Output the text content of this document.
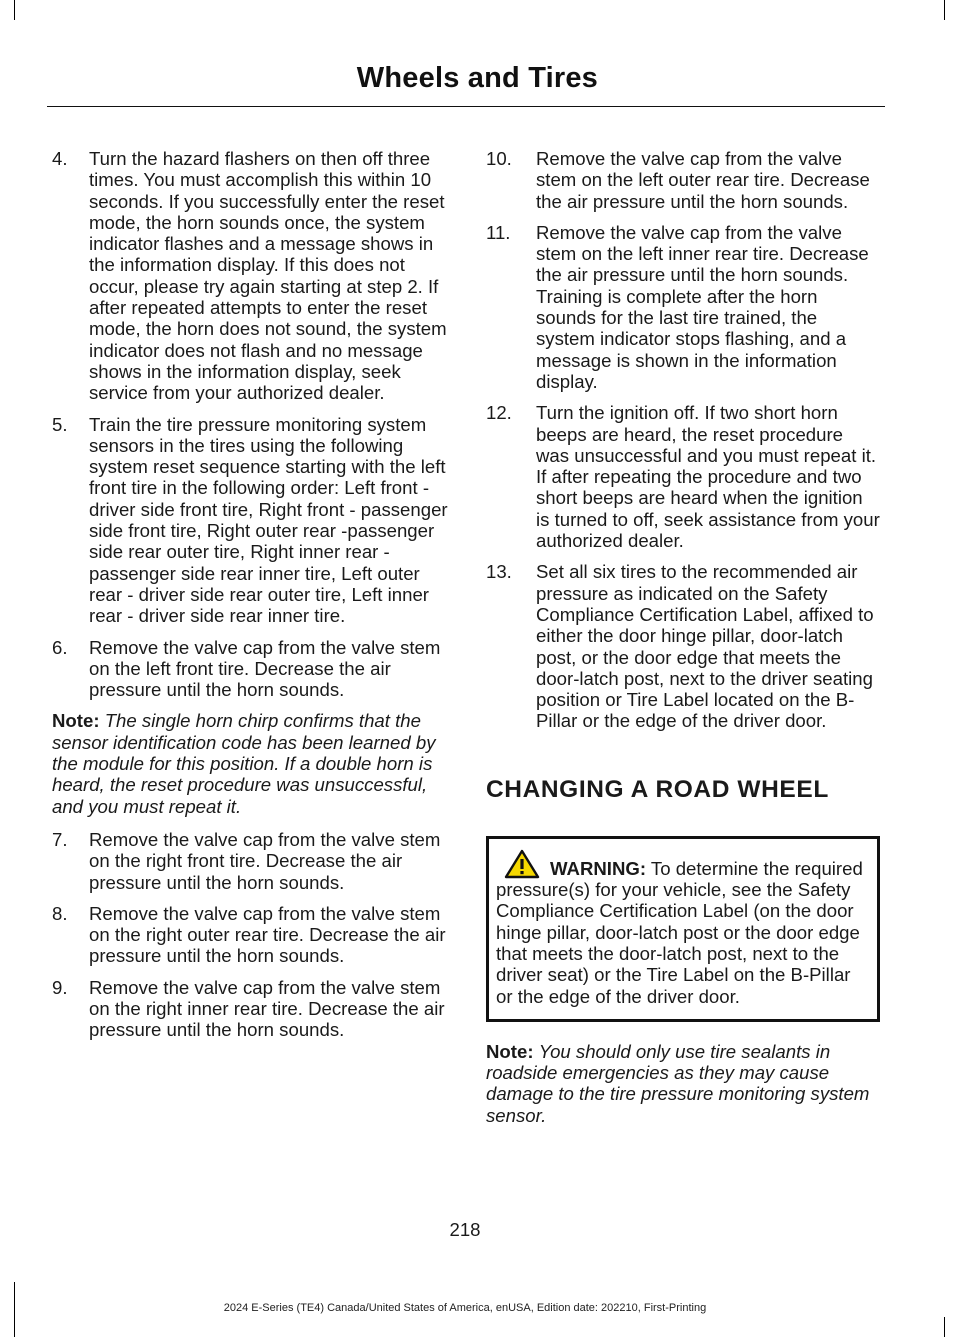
Wheels and Tires
4. Turn the hazard flashers on then off three times. You must accomplish this within 10 seconds. If you successfully enter the reset mode, the horn sounds once, the system indicator flashes and a message shows in the information display. If this does not occur, please try again starting at step 2. If after repeated attempts to enter the reset mode, the horn does not sound, the system indicator does not flash and no message shows in the information display, seek service from your authorized dealer.
5. Train the tire pressure monitoring system sensors in the tires using the following system reset sequence starting with the left front tire in the following order: Left front - driver side front tire, Right front - passenger side front tire, Right outer rear -passenger side rear outer tire, Right inner rear - passenger side rear inner tire, Left outer rear - driver side rear outer tire, Left inner rear - driver side rear inner tire.
6. Remove the valve cap from the valve stem on the left front tire. Decrease the air pressure until the horn sounds.

Note: The single horn chirp confirms that the sensor identification code has been learned by the module for this position. If a double horn is heard, the reset procedure was unsuccessful, and you must repeat it.

7. Remove the valve cap from the valve stem on the right front tire. Decrease the air pressure until the horn sounds.
8. Remove the valve cap from the valve stem on the right outer rear tire. Decrease the air pressure until the horn sounds.
9. Remove the valve cap from the valve stem on the right inner rear tire. Decrease the air pressure until the horn sounds.
10. Remove the valve cap from the valve stem on the left outer rear tire. Decrease the air pressure until the horn sounds.
11. Remove the valve cap from the valve stem on the left inner rear tire. Decrease the air pressure until the horn sounds. Training is complete after the horn sounds for the last tire trained, the system indicator stops flashing, and a message is shown in the information display.
12. Turn the ignition off. If two short horn beeps are heard, the reset procedure was unsuccessful and you must repeat it. If after repeating the procedure and two short beeps are heard when the ignition is turned to off, seek assistance from your authorized dealer.
13. Set all six tires to the recommended air pressure as indicated on the Safety Compliance Certification Label, affixed to either the door hinge pillar, door-latch post, or the door edge that meets the door-latch post, next to the driver seating position or Tire Label located on the B-Pillar or the edge of the driver door.
CHANGING A ROAD WHEEL
WARNING: To determine the required pressure(s) for your vehicle, see the Safety Compliance Certification Label (on the door hinge pillar, door-latch post or the door edge that meets the door-latch post, next to the driver seat) or the Tire Label on the B-Pillar or the edge of the driver door.

Note: You should only use tire sealants in roadside emergencies as they may cause damage to the tire pressure monitoring system sensor.

218
2024 E-Series (TE4) Canada/United States of America, enUSA, Edition date: 202210, First-Printing
